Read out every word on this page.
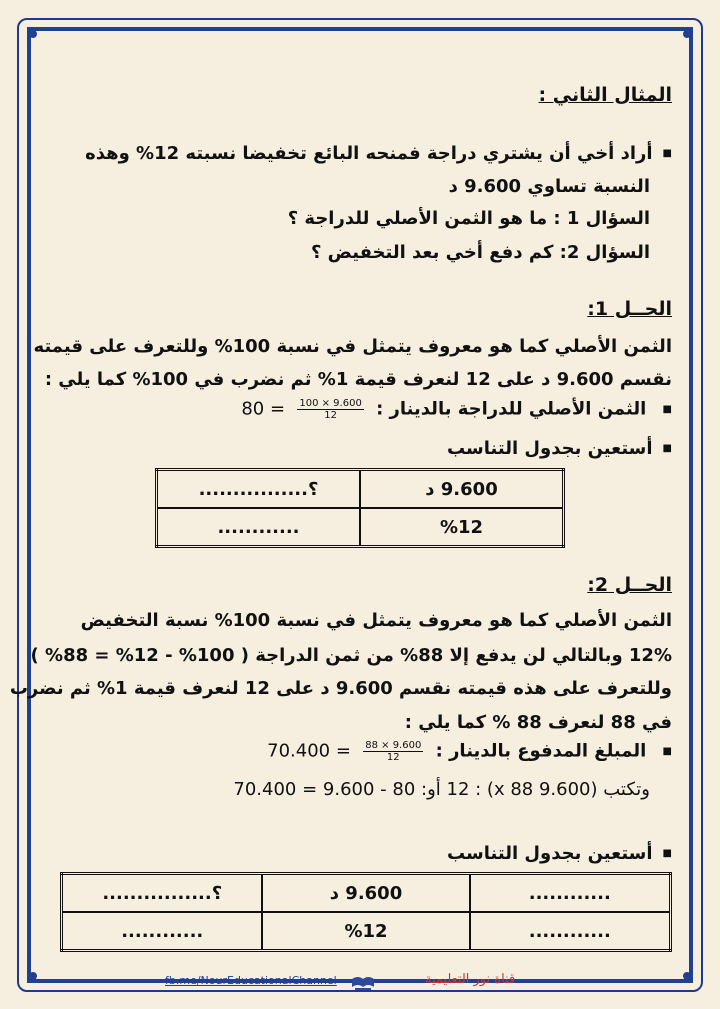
المثال الثاني :
■ أراد أخي أن يشتري دراجة فمنحه البائع تخفيضا نسبته 12% وهذه
النسبة تساوي 9.600 د
السؤال 1 : ما هو الثمن الأصلي للدراجة ؟
السؤال 2: كم دفع أخي بعد التخفيض ؟
الحــل 1:
الثمن الأصلي كما هو معروف يتمثل في نسبة 100% وللتعرف على قيمته
نقسم 9.600 د على 12 لنعرف قيمة 1% ثم نضرب في 100% كما يلي :
■ الثمن الأصلي للدراجة بالدينار :
$\frac{100 \times 9.600}{12}$
= 80
■ أستعين بجدول التناسب
9.600 د	؟................
%12	............
الحــل 2:
الثمن الأصلي كما هو معروف يتمثل في نسبة 100% نسبة التخفيض
12% وبالتالي لن يدفع إلا 88% من ثمن الدراجة ( 100% - 12% = 88% )
وللتعرف على هذه قيمته نقسم 9.600 د على 12 لنعرف قيمة 1% ثم نضرب
في 88 لنعرف 88 % كما يلي :
■ المبلغ المدفوع بالدينار :
$\frac{88 \times 9.600}{12}$
= 70.400
وتكتب (9.600 x 88) : 12 أو: 80 - 9.600 = 70.400
■ أستعين بجدول التناسب
............	9.600 د	؟................
............	%12	............
fb.me/NourEducationalChannel	قناة نور التعليمية
